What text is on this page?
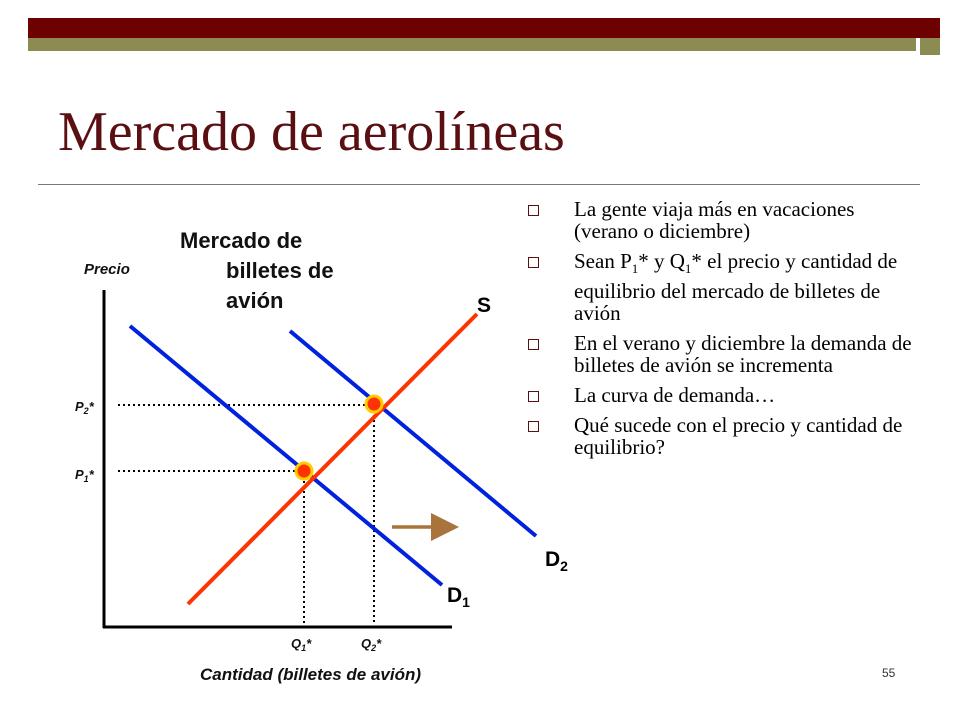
Mercado de aerolíneas
La gente viaja más en vacaciones (verano o diciembre)
Sean $P_1*$ y $Q_1*$ el precio y cantidad de equilibrio del mercado de billetes de avión
En el verano y diciembre la demanda de billetes de avión se incrementa
La curva de demanda…
Qué sucede con el precio y cantidad de equilibrio?
Mercado de
billetes de
avión
Precio
Cantidad (billetes de avión)
S
$D_1$
$D_2$
$P_2*$
$P_1*$
$Q_1*$	$Q_2*$
55
